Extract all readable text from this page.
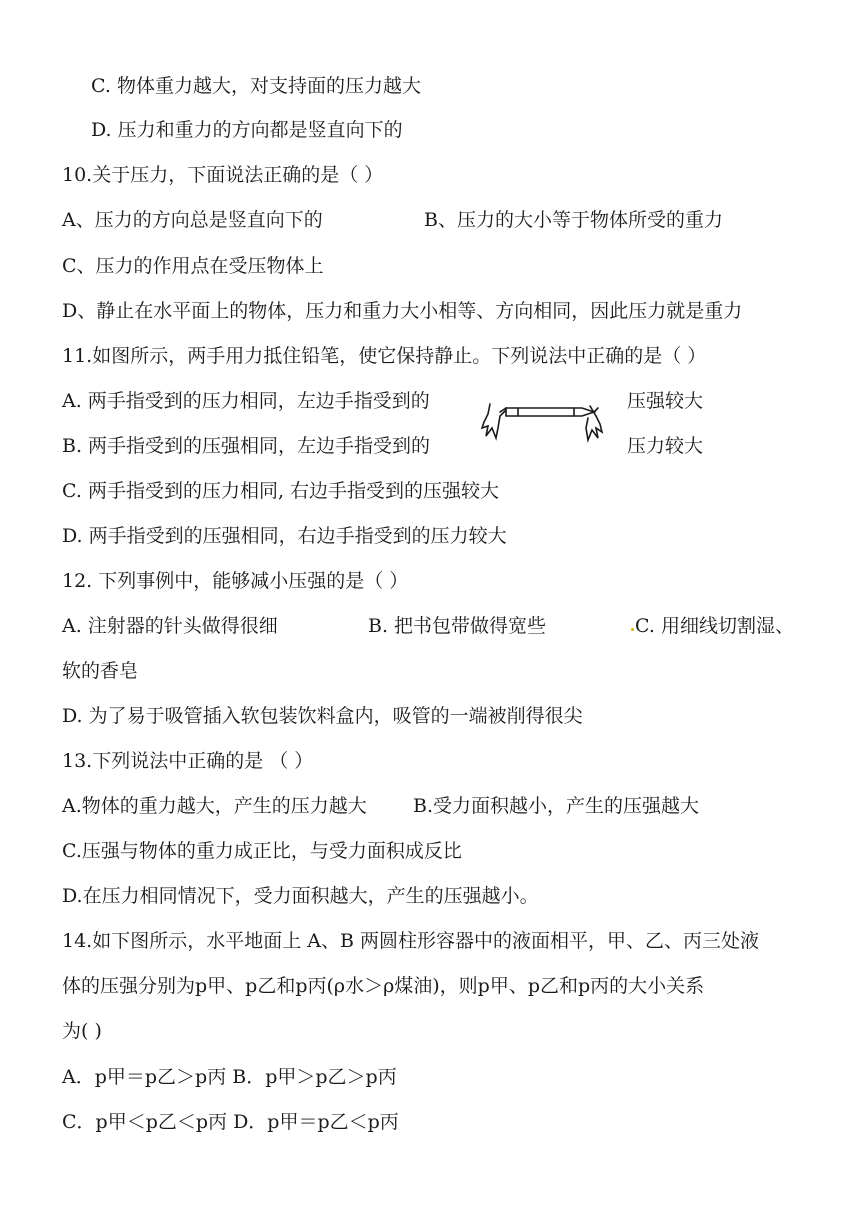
C. 物体重力越大，对支持面的压力越大
D. 压力和重力的方向都是竖直向下的
10.关于压力，下面说法正确的是（ ）
A、压力的方向总是竖直向下的	B、压力的大小等于物体所受的重力
C、压力的作用点在受压物体上
D、静止在水平面上的物体，压力和重力大小相等、方向相同，因此压力就是重力
11.如图所示，两手用力抵住铅笔，使它保持静止。下列说法中正确的是（ ）
A. 两手指受到的压力相同，左边手指受到的	压强较大
B. 两手指受到的压强相同，左边手指受到的	压力较大
C. 两手指受到的压力相同, 右边手指受到的压强较大
D. 两手指受到的压强相同，右边手指受到的压力较大
12. 下列事例中，能够减小压强的是（ ）
A. 注射器的针头做得很细	B. 把书包带做得宽些	C. 用细线切割湿、
软的香皂
D. 为了易于吸管插入软包装饮料盒内，吸管的一端被削得很尖
13.下列说法中正确的是 （ ）
A.物体的重力越大，产生的压力越大 B.受力面积越小，产生的压强越大
C.压强与物体的重力成正比，与受力面积成反比
D.在压力相同情况下，受力面积越大，产生的压强越小。
14.如下图所示，水平地面上 A、B 两圆柱形容器中的液面相平，甲、乙、丙三处液
体的压强分别为p甲、p乙和p丙(ρ水＞ρ煤油)，则p甲、p乙和p丙的大小关系
为( )
A．p甲＝p乙＞p丙 B．p甲＞p乙＞p丙
C．p甲＜p乙＜p丙 D．p甲＝p乙＜p丙
